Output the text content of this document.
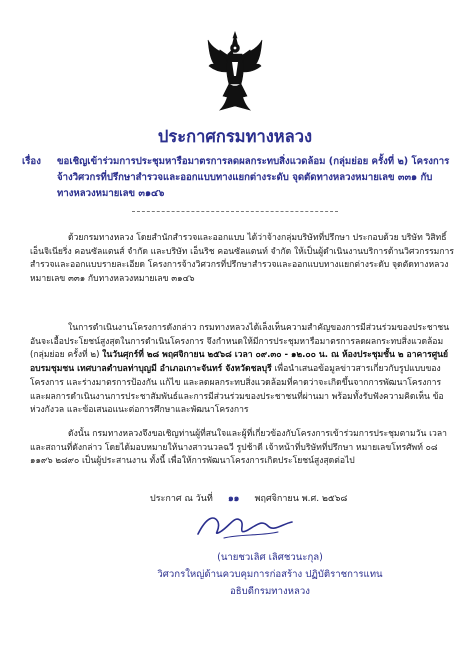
ประกาศกรมทางหลวง
เรื่อง ขอเชิญเข้าร่วมการประชุมหารือมาตรการลดผลกระทบสิ่งแวดล้อม (กลุ่มย่อย ครั้งที่ ๒) โครงการจ้างวิศวกรที่ปรึกษาสำรวจและออกแบบทางแยกต่างระดับ จุดตัดทางหลวงหมายเลข ๓๓๑ กับทางหลวงหมายเลข ๓๑๔๖
ด้วยกรมทางหลวง โดยสำนักสำรวจและออกแบบ ได้ว่าจ้างกลุ่มบริษัทที่ปรึกษา ประกอบด้วย บริษัท วิสิทธิ์ เอ็นจิเนียริ่ง คอนซัลแตนส์ จำกัด และบริษัท เอ็นริช คอนซัลแตนท์ จำกัด ให้เป็นผู้ดำเนินงานบริการด้านวิศวกรรมการสำรวจและออกแบบรายละเอียด โครงการจ้างวิศวกรที่ปรึกษาสำรวจและออกแบบทางแยกต่างระดับ จุดตัดทางหลวงหมายเลข ๓๓๑ กับทางหลวงหมายเลข ๓๑๔๖
ในการดำเนินงานโครงการดังกล่าว กรมทางหลวงได้เล็งเห็นความสำคัญของการมีส่วนร่วมของประชาชน อันจะเอื้อประโยชน์สูงสุดในการดำเนินโครงการ จึงกำหนดให้มีการประชุมหารือมาตรการลดผลกระทบสิ่งแวดล้อม (กลุ่มย่อย ครั้งที่ ๒) ในวันศุกร์ที่ ๒๘ พฤศจิกายน ๒๕๖๘ เวลา ๐๙.๓๐ - ๑๒.๐๐ น. ณ ห้องประชุมชั้น ๒ อาคารศูนย์อบรมชุมชน เทศบาลตำบลท่าบุญมี อำเภอเกาะจันทร์ จังหวัดชลบุรี เพื่อนำเสนอข้อมูลข่าวสารเกี่ยวกับรูปแบบของโครงการ และร่างมาตรการป้องกัน แก้ไข และลดผลกระทบสิ่งแวดล้อมที่คาดว่าจะเกิดขึ้นจากการพัฒนาโครงการ และผลการดำเนินงานการประชาสัมพันธ์และการมีส่วนร่วมของประชาชนที่ผ่านมา พร้อมทั้งรับฟังความคิดเห็น ข้อห่วงกังวล และข้อเสนอแนะต่อการศึกษาและพัฒนาโครงการ
ดังนั้น กรมทางหลวงจึงขอเชิญท่านผู้ที่สนใจและผู้ที่เกี่ยวข้องกับโครงการเข้าร่วมการประชุมตามวัน เวลา และสถานที่ดังกล่าว โดยได้มอบหมายให้นางสาวนวลฉวี รูปช้าดี เจ้าหน้าที่บริษัทที่ปรึกษา หมายเลขโทรศัพท์ ๐๘ ๑๑๙๖ ๒๘๙๐ เป็นผู้ประสานงาน ทั้งนี้ เพื่อให้การพัฒนาโครงการเกิดประโยชน์สูงสุดต่อไป
ประกาศ ณ วันที่ ๑๑ พฤศจิกายน พ.ศ. ๒๕๖๘
(นายชวเลิศ เลิศชวนะกุล)
วิศวกรใหญ่ด้านควบคุมการก่อสร้าง ปฏิบัติราชการแทน
อธิบดีกรมทางหลวง
